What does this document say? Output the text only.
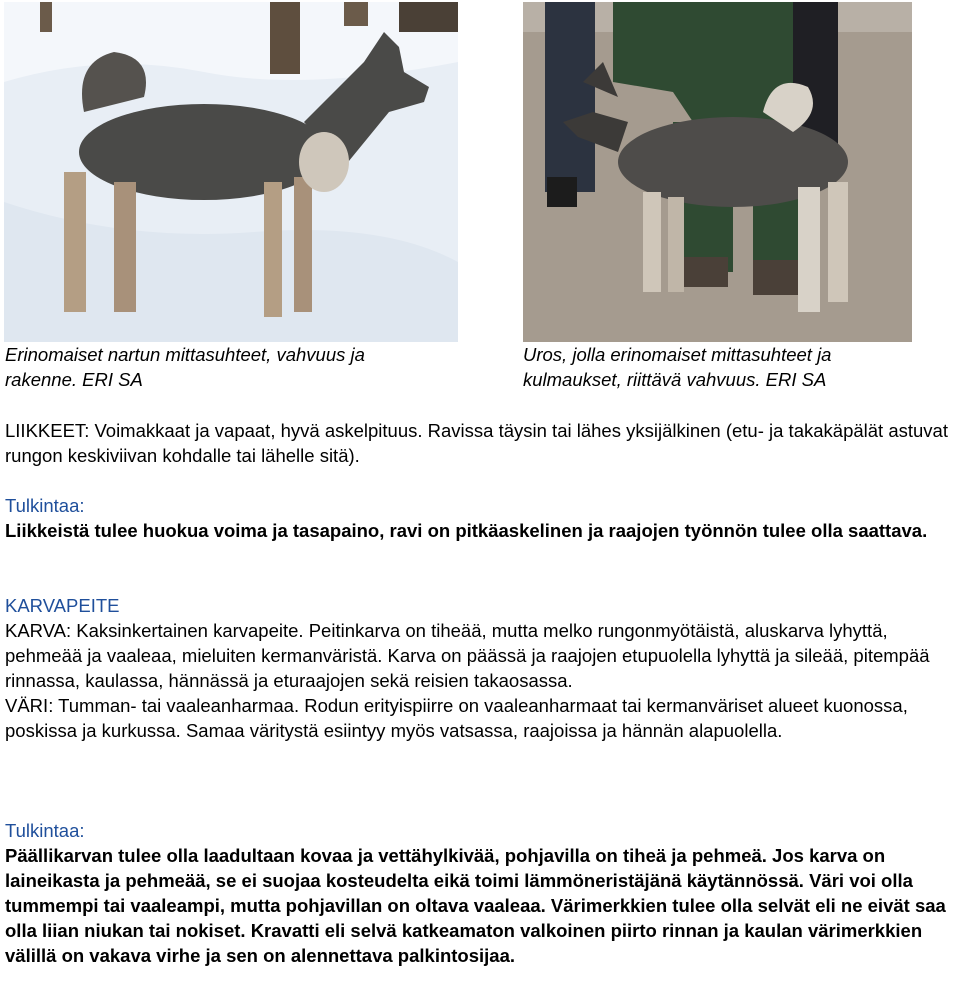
Erinomaiset nartun mittasuhteet, vahvuus ja
rakenne. ERI SA
Uros, jolla erinomaiset mittasuhteet ja
kulmaukset, riittävä vahvuus. ERI SA

LIIKKEET: Voimakkaat ja vapaat, hyvä askelpituus. Ravissa täysin tai lähes yksijälkinen (etu- ja takakäpälät astuvat rungon keskiviivan kohdalle tai lähelle sitä).

Tulkintaa:

Liikkeistä tulee huokua voima ja tasapaino, ravi on pitkäaskelinen ja raajojen työnnön tulee olla saattava.

KARVAPEITE

KARVA: Kaksinkertainen karvapeite. Peitinkarva on tiheää, mutta melko rungonmyötäistä, aluskarva lyhyttä, pehmeää ja vaaleaa, mieluiten kermanväristä. Karva on päässä ja raajojen etupuolella lyhyttä ja sileää, pitempää rinnassa, kaulassa, hännässä ja eturaajojen sekä reisien takaosassa.

VÄRI: Tumman- tai vaaleanharmaa. Rodun erityispiirre on vaaleanharmaat tai kermanväriset alueet kuonossa, poskissa ja kurkussa. Samaa väritystä esiintyy myös vatsassa, raajoissa ja hännän alapuolella.

Tulkintaa:

Päällikarvan tulee olla laadultaan kovaa ja vettähylkivää, pohjavilla on tiheä ja pehmeä. Jos karva on laineikasta ja pehmeää, se ei suojaa kosteudelta eikä toimi lämmöneristäjänä käytännössä. Väri voi olla tummempi tai vaaleampi, mutta pohjavillan on oltava vaaleaa. Värimerkkien tulee olla selvät eli ne eivät saa olla liian niukan tai nokiset. Kravatti eli selvä katkeamaton valkoinen piirto rinnan ja kaulan värimerkkien välillä on vakava virhe ja sen on alennettava palkintosijaa.
